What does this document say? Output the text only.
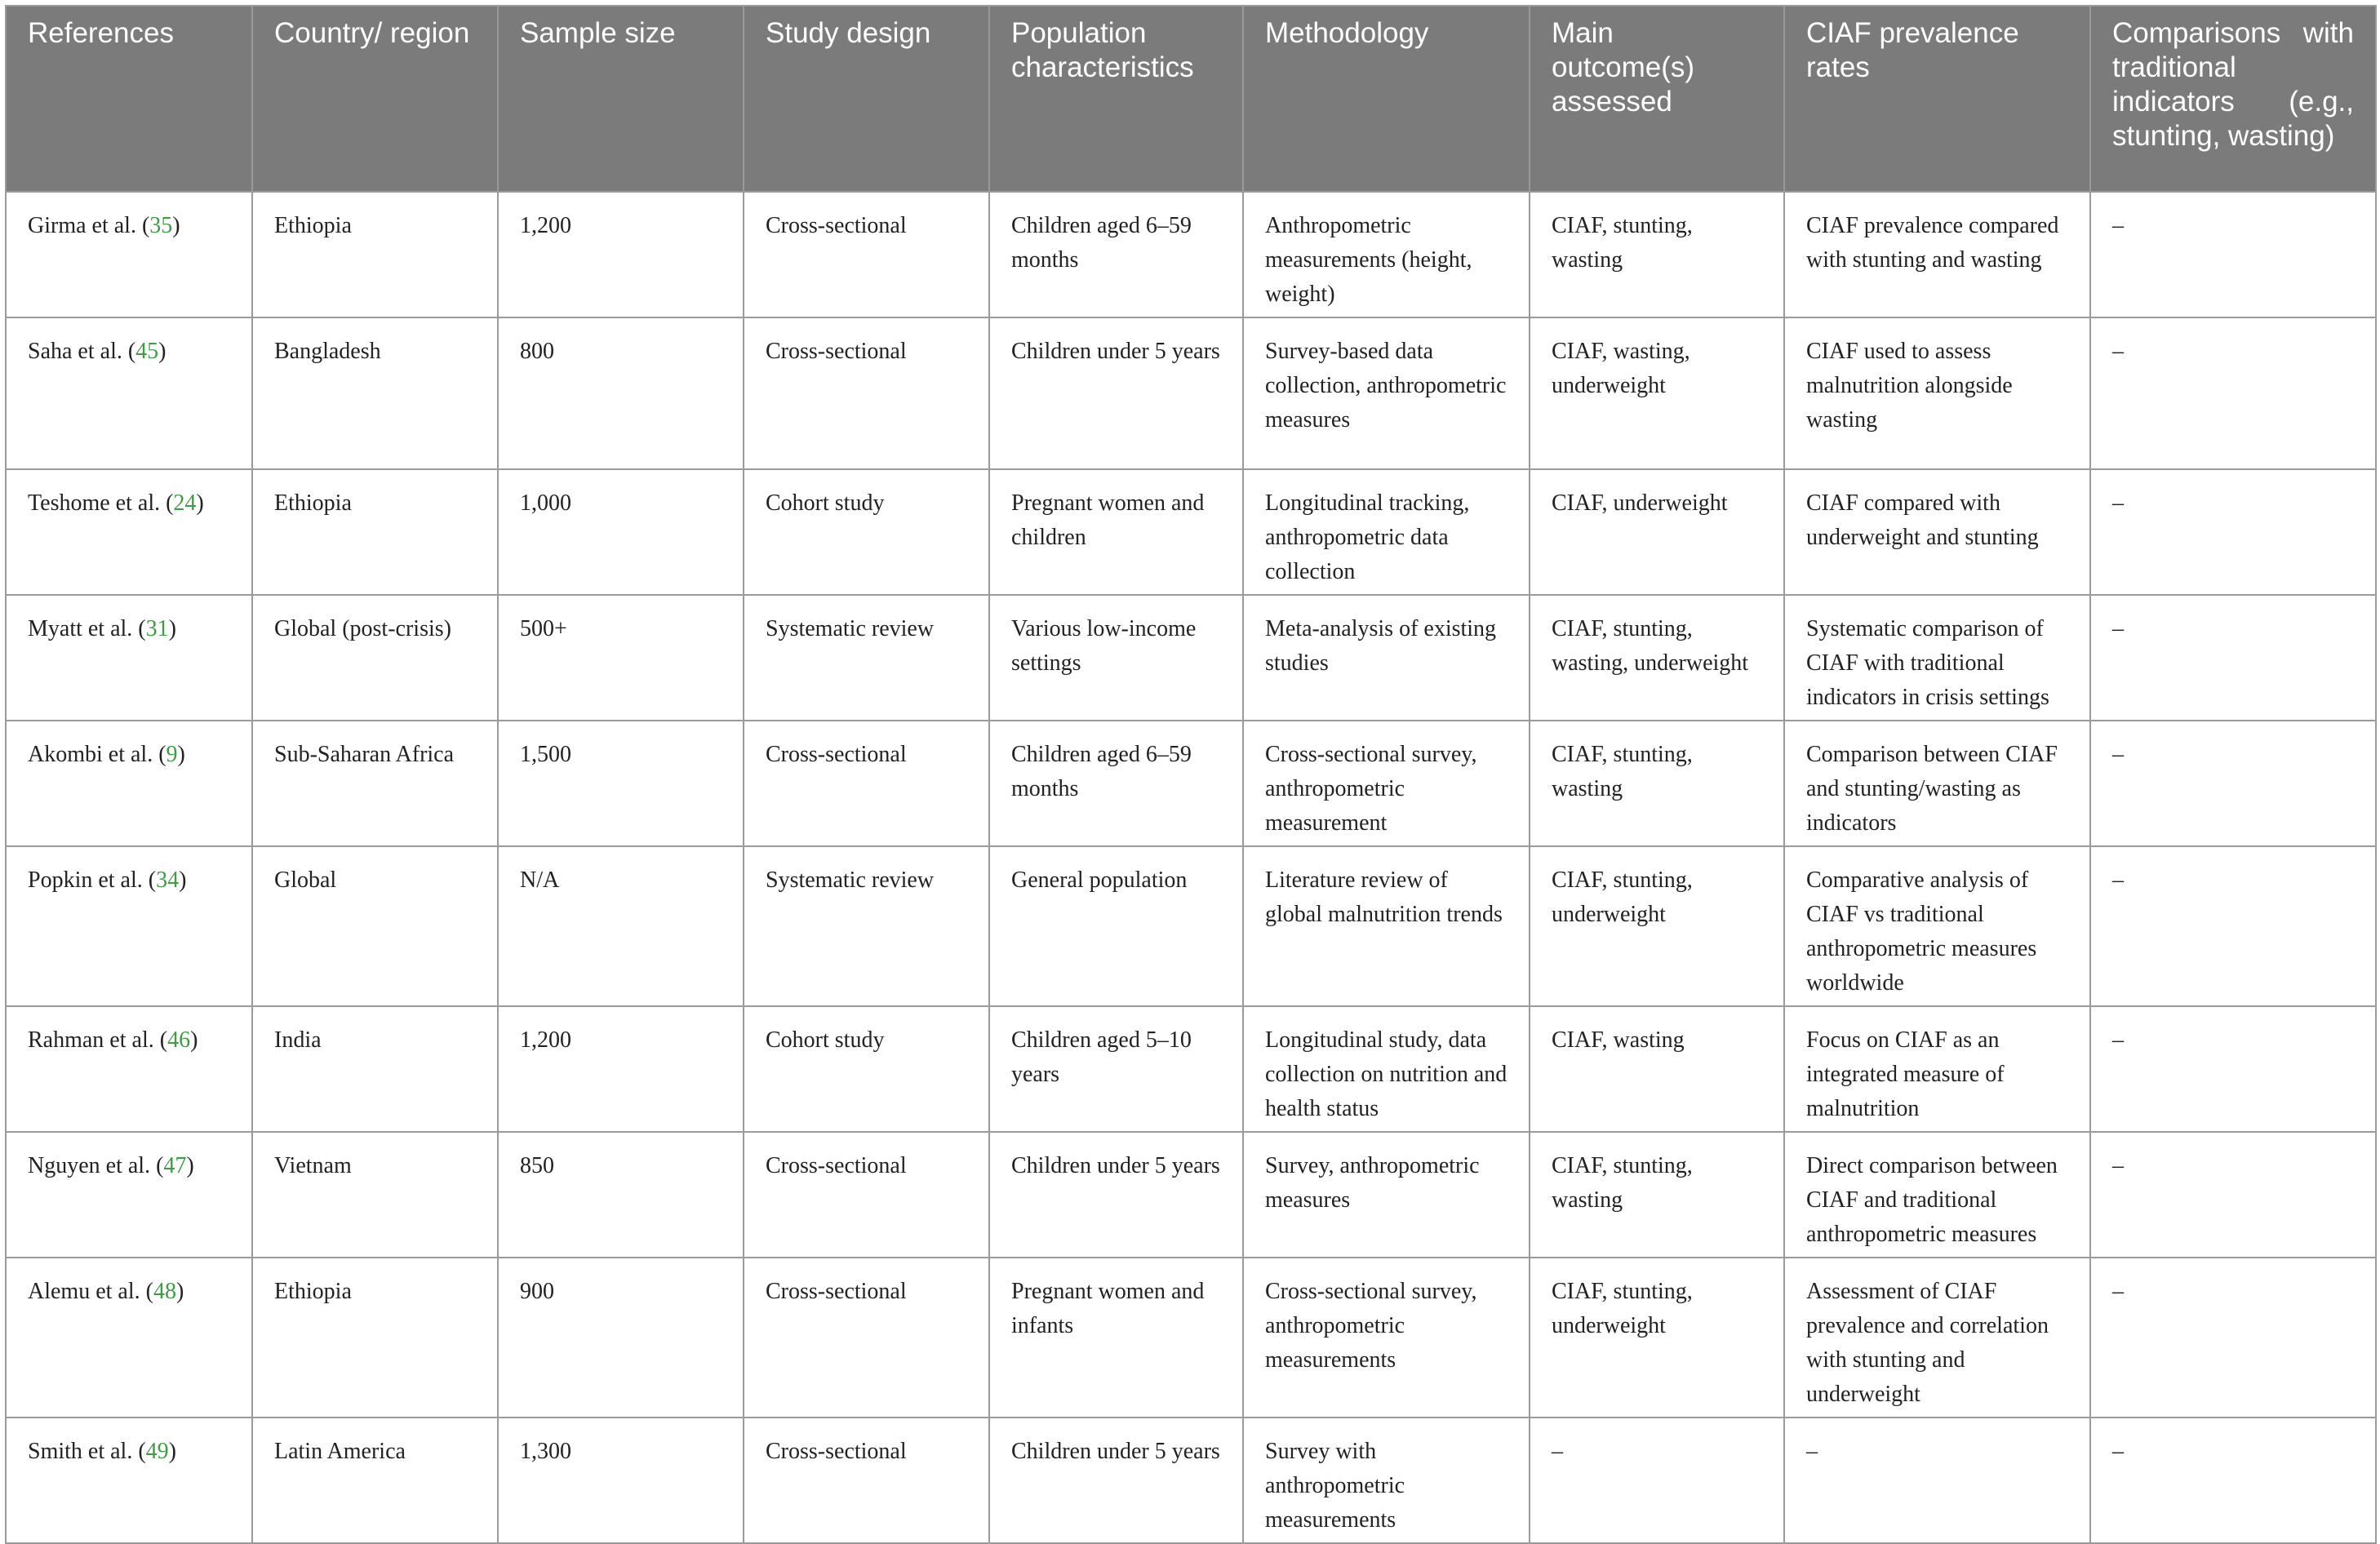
References	Country/ region	Sample size	Study design	Population characteristics	Methodology	Main outcome(s) assessed	CIAF prevalence rates	Comparisons with traditional indicators (e.g., stunting, wasting)
Girma et al. (35)	Ethiopia	1,200	Cross-sectional	Children aged 6–59 months	Anthropometric measurements (height, weight)	CIAF, stunting, wasting	CIAF prevalence compared with stunting and wasting	–
Saha et al. (45)	Bangladesh	800	Cross-sectional	Children under 5 years	Survey-based data collection, anthropometric measures	CIAF, wasting, underweight	CIAF used to assess malnutrition alongside wasting	–
Teshome et al. (24)	Ethiopia	1,000	Cohort study	Pregnant women and children	Longitudinal tracking, anthropometric data collection	CIAF, underweight	CIAF compared with underweight and stunting	–
Myatt et al. (31)	Global (post-crisis)	500+	Systematic review	Various low-income settings	Meta-analysis of existing studies	CIAF, stunting, wasting, underweight	Systematic comparison of CIAF with traditional indicators in crisis settings	–
Akombi et al. (9)	Sub-Saharan Africa	1,500	Cross-sectional	Children aged 6–59 months	Cross-sectional survey, anthropometric measurement	CIAF, stunting, wasting	Comparison between CIAF and stunting/wasting as indicators	–
Popkin et al. (34)	Global	N/A	Systematic review	General population	Literature review of global malnutrition trends	CIAF, stunting, underweight	Comparative analysis of CIAF vs traditional anthropometric measures worldwide	–
Rahman et al. (46)	India	1,200	Cohort study	Children aged 5–10 years	Longitudinal study, data collection on nutrition and health status	CIAF, wasting	Focus on CIAF as an integrated measure of malnutrition	–
Nguyen et al. (47)	Vietnam	850	Cross-sectional	Children under 5 years	Survey, anthropometric measures	CIAF, stunting, wasting	Direct comparison between CIAF and traditional anthropometric measures	–
Alemu et al. (48)	Ethiopia	900	Cross-sectional	Pregnant women and infants	Cross-sectional survey, anthropometric measurements	CIAF, stunting, underweight	Assessment of CIAF prevalence and correlation with stunting and underweight	–
Smith et al. (49)	Latin America	1,300	Cross-sectional	Children under 5 years	Survey with anthropometric measurements	–	–	–
